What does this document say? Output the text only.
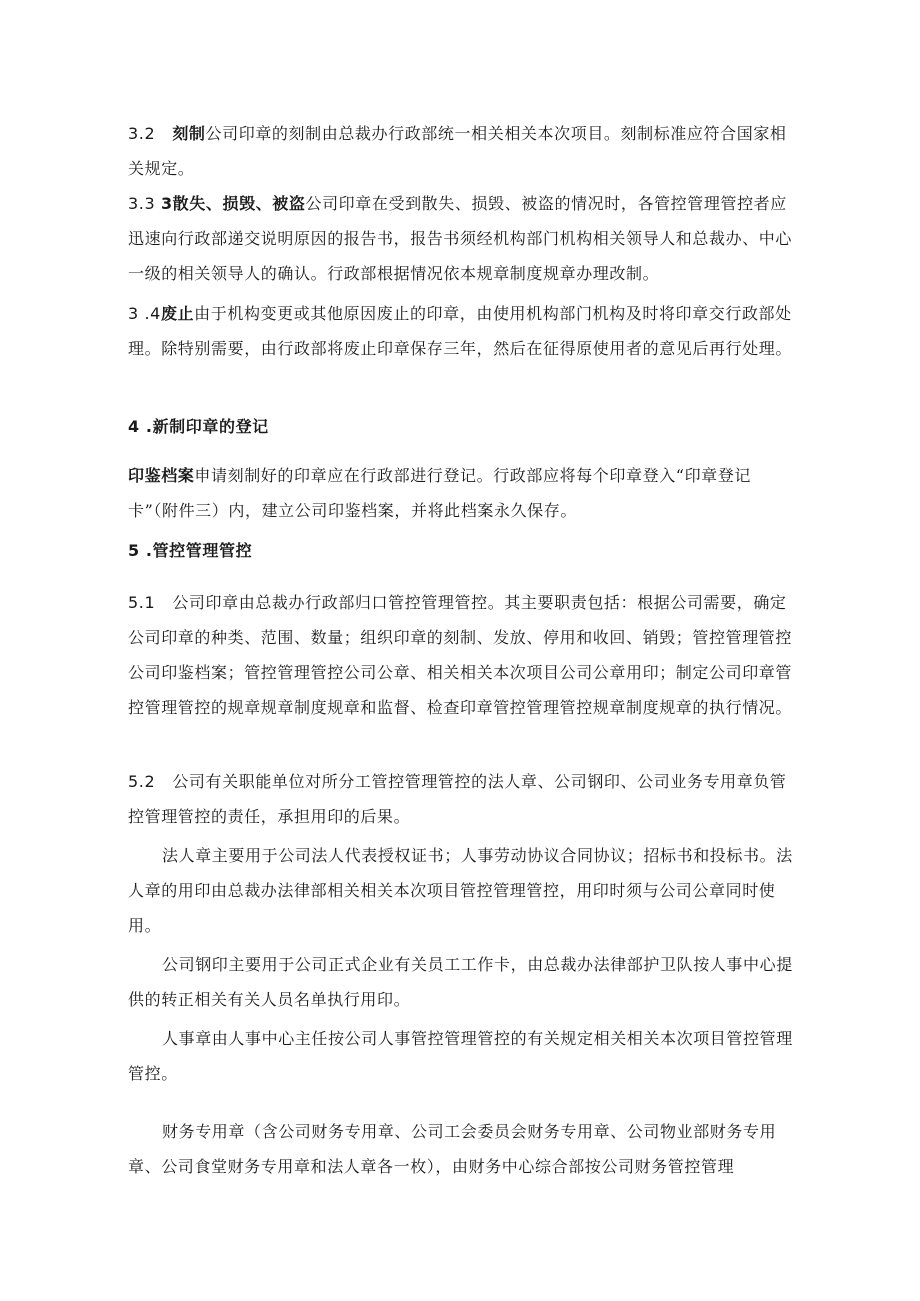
3.2 刻制公司印章的刻制由总裁办行政部统一相关相关本次项目。刻制标准应符合国家相关规定。

3.3 3散失、损毁、被盗公司印章在受到散失、损毁、被盗的情况时，各管控管理管控者应迅速向行政部递交说明原因的报告书，报告书须经机构部门机构相关领导人和总裁办、中心一级的相关领导人的确认。行政部根据情况依本规章制度规章办理改制。

3 .4废止由于机构变更或其他原因废止的印章，由使用机构部门机构及时将印章交行政部处理。除特别需要，由行政部将废止印章保存三年，然后在征得原使用者的意见后再行处理。

4 .新制印章的登记

印鉴档案申请刻制好的印章应在行政部进行登记。行政部应将每个印章登入“印章登记卡”（附件三）内，建立公司印鉴档案，并将此档案永久保存。

5 .管控管理管控

5.1 公司印章由总裁办行政部归口管控管理管控。其主要职责包括：根据公司需要，确定公司印章的种类、范围、数量；组织印章的刻制、发放、停用和收回、销毁；管控管理管控公司印鉴档案；管控管理管控公司公章、相关相关本次项目公司公章用印；制定公司印章管控管理管控的规章规章制度规章和监督、检查印章管控管理管控规章制度规章的执行情况。

5.2 公司有关职能单位对所分工管控管理管控的法人章、公司钢印、公司业务专用章负管控管理管控的责任，承担用印的后果。

法人章主要用于公司法人代表授权证书；人事劳动协议合同协议；招标书和投标书。法人章的用印由总裁办法律部相关相关本次项目管控管理管控，用印时须与公司公章同时使用。

公司钢印主要用于公司正式企业有关员工工作卡，由总裁办法律部护卫队按人事中心提供的转正相关有关人员名单执行用印。

人事章由人事中心主任按公司人事管控管理管控的有关规定相关相关本次项目管控管理管控。

财务专用章（含公司财务专用章、公司工会委员会财务专用章、公司物业部财务专用章、公司食堂财务专用章和法人章各一枚），由财务中心综合部按公司财务管控管理
